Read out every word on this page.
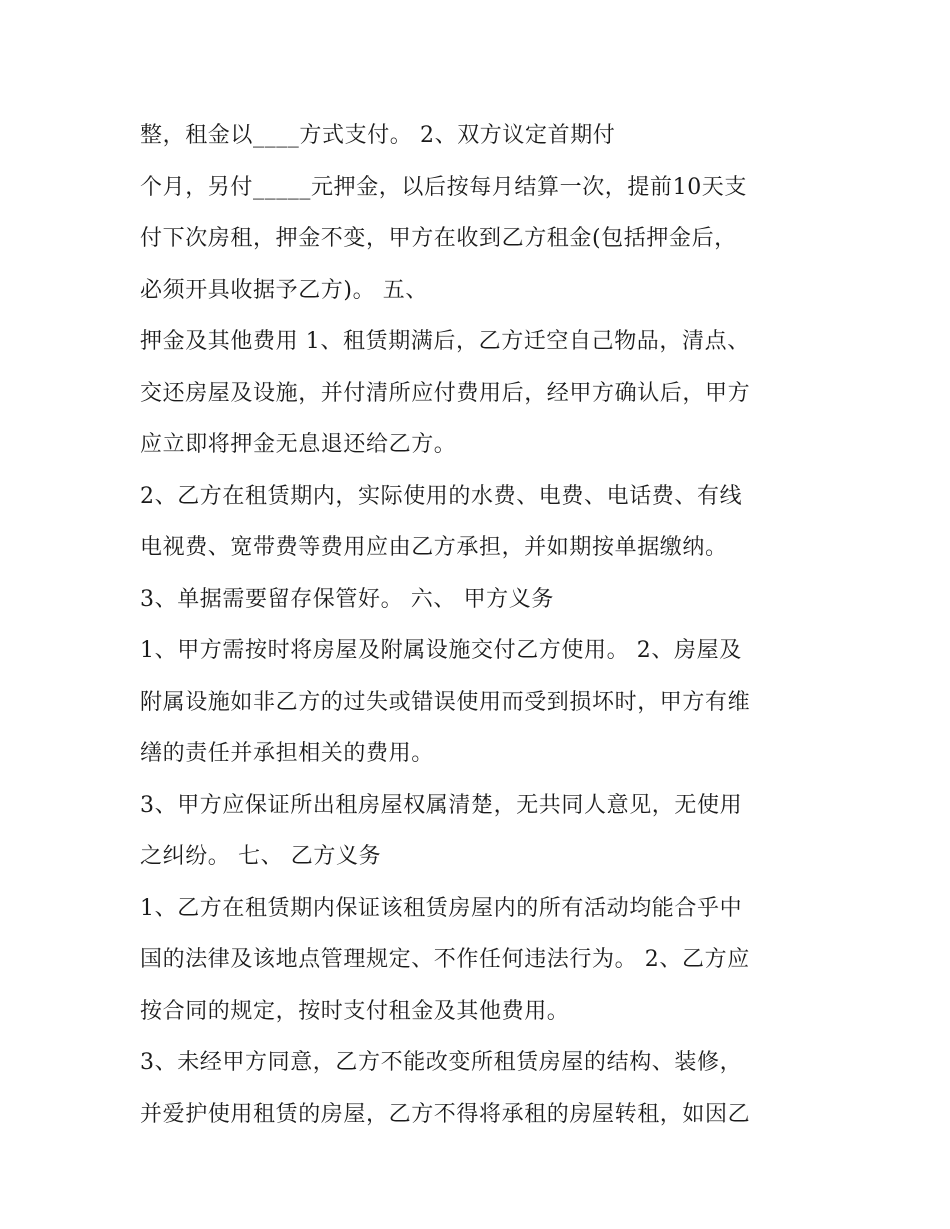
整，租金以____方式支付。 2、双方议定首期付
个月，另付_____元押金，以后按每月结算一次，提前10天支
付下次房租，押金不变，甲方在收到乙方租金(包括押金后，
必须开具收据予乙方)。 五、
押金及其他费用 1、租赁期满后，乙方迁空自己物品，清点、
交还房屋及设施，并付清所应付费用后，经甲方确认后，甲方
应立即将押金无息退还给乙方。
2、乙方在租赁期内，实际使用的水费、电费、电话费、有线
电视费、宽带费等费用应由乙方承担，并如期按单据缴纳。
3、单据需要留存保管好。 六、 甲方义务
1、甲方需按时将房屋及附属设施交付乙方使用。 2、房屋及
附属设施如非乙方的过失或错误使用而受到损坏时，甲方有维
缮的责任并承担相关的费用。
3、甲方应保证所出租房屋权属清楚，无共同人意见，无使用
之纠纷。 七、 乙方义务
1、乙方在租赁期内保证该租赁房屋内的所有活动均能合乎中
国的法律及该地点管理规定、不作任何违法行为。 2、乙方应
按合同的规定，按时支付租金及其他费用。
3、未经甲方同意，乙方不能改变所租赁房屋的结构、装修，
并爱护使用租赁的房屋，乙方不得将承租的房屋转租，如因乙
